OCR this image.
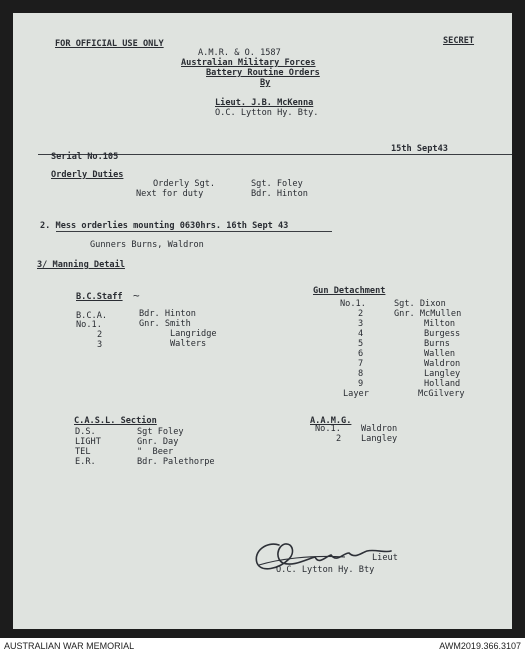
FOR OFFICIAL USE ONLY	SECRET
A.M.R. & O. 1587
Australian Military Forces
Battery Routine Orders
By
Lieut. J.B. McKenna
O.C. Lytton Hy. Bty.
Serial No.105
15th Sept43
Orderly Duties
Orderly Sgt.	Sgt. Foley
Next for duty	Bdr. Hinton
2. Mess orderlies mounting 0630hrs. 16th Sept 43
Gunners Burns, Waldron
3/ Manning Detail
B.C.Staff ~
B.C.A.	Bdr. Hinton
No.1.	Gnr. Smith
2	Langridge
3	Walters
Gun Detachment
No.1.	Sgt. Dixon
2	Gnr. McMullen
3	Milton
4	Burgess
5	Burns
6	Wallen
7	Waldron
8	Langley
9	Holland
Layer	McGilvery
C.A.S.L. Section
D.S.	Sgt Foley
LIGHT	Gnr. Day
TEL	"  Beer
E.R.	Bdr. Palethorpe
A.A.M.G.
No.1. Waldron
2 Langley
Lieut
O.C. Lytton Hy. Bty
AUSTRALIAN WAR MEMORIAL	AWM2019.366.3107
